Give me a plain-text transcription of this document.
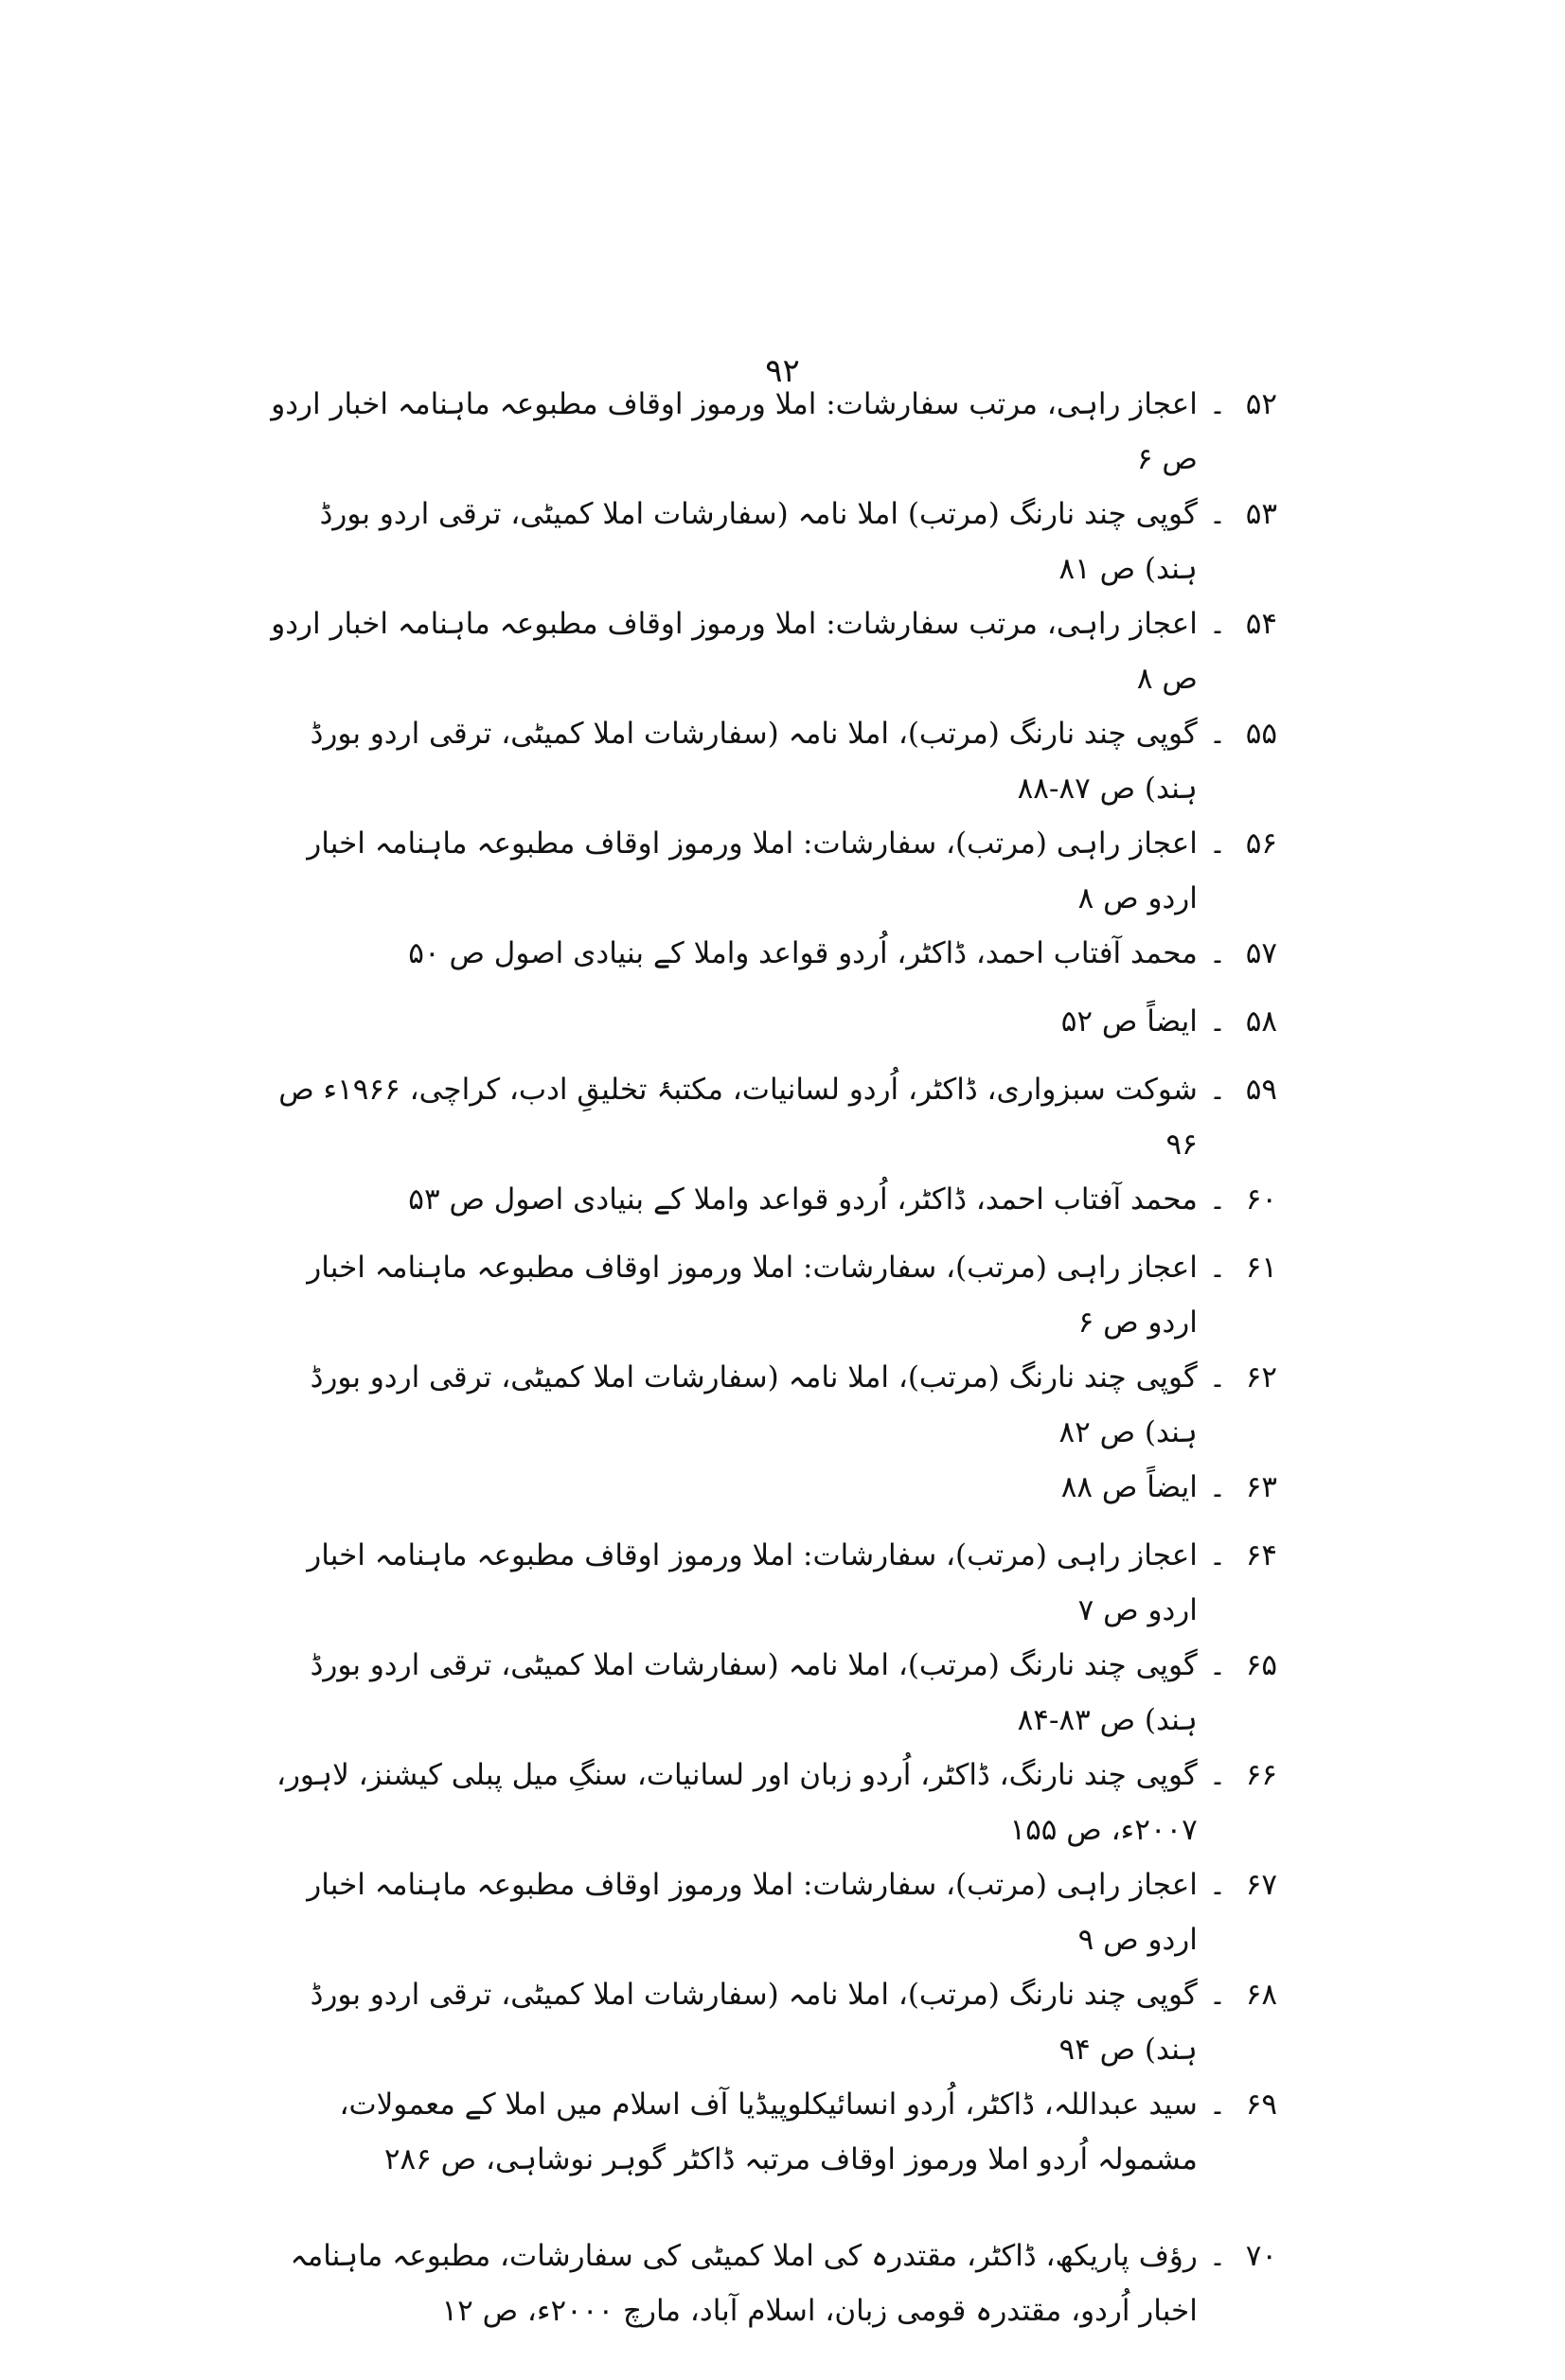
۹۲
۵۲
۔
اعجاز راہی، مرتب سفارشات: املا ورموز اوقاف مطبوعہ ماہنامہ اخبار اردو ص ۶
۵۳
۔
گوپی چند نارنگ (مرتب) املا نامہ (سفارشات املا کمیٹی، ترقی اردو بورڈ ہند) ص ۸۱
۵۴
۔
اعجاز راہی، مرتب سفارشات: املا ورموز اوقاف مطبوعہ ماہنامہ اخبار اردو ص ۸
۵۵
۔
گوپی چند نارنگ (مرتب)، املا نامہ (سفارشات املا کمیٹی، ترقی اردو بورڈ ہند) ص ۸۷-۸۸
۵۶
۔
اعجاز راہی (مرتب)، سفارشات: املا ورموز اوقاف مطبوعہ ماہنامہ اخبار اردو ص ۸
۵۷
۔
محمد آفتاب احمد، ڈاکٹر، اُردو قواعد واملا کے بنیادی اصول ص ۵۰
۵۸
۔
ایضاً ص ۵۲
۵۹
۔
شوکت سبزواری، ڈاکٹر، اُردو لسانیات، مکتبۂ تخلیقِ ادب، کراچی، ۱۹۶۶ء ص ۹۶
۶۰
۔
محمد آفتاب احمد، ڈاکٹر، اُردو قواعد واملا کے بنیادی اصول ص ۵۳
۶۱
۔
اعجاز راہی (مرتب)، سفارشات: املا ورموز اوقاف مطبوعہ ماہنامہ اخبار اردو ص ۶
۶۲
۔
گوپی چند نارنگ (مرتب)، املا نامہ (سفارشات املا کمیٹی، ترقی اردو بورڈ ہند) ص ۸۲
۶۳
۔
ایضاً ص ۸۸
۶۴
۔
اعجاز راہی (مرتب)، سفارشات: املا ورموز اوقاف مطبوعہ ماہنامہ اخبار اردو ص ۷
۶۵
۔
گوپی چند نارنگ (مرتب)، املا نامہ (سفارشات املا کمیٹی، ترقی اردو بورڈ ہند) ص ۸۳-۸۴
۶۶
۔
گوپی چند نارنگ، ڈاکٹر، اُردو زبان اور لسانیات، سنگِ میل پبلی کیشنز، لاہور، ۲۰۰۷ء، ص ۱۵۵
۶۷
۔
اعجاز راہی (مرتب)، سفارشات: املا ورموز اوقاف مطبوعہ ماہنامہ اخبار اردو ص ۹
۶۸
۔
گوپی چند نارنگ (مرتب)، املا نامہ (سفارشات املا کمیٹی، ترقی اردو بورڈ ہند) ص ۹۴
۶۹
۔
سید عبداللہ، ڈاکٹر، اُردو انسائیکلوپیڈیا آف اسلام میں املا کے معمولات، مشمولہ اُردو املا ورموز اوقاف مرتبہ ڈاکٹر گوہر نوشاہی، ص ۲۸۶
۷۰
۔
رؤف پاریکھ، ڈاکٹر، مقتدرہ کی املا کمیٹی کی سفارشات، مطبوعہ ماہنامہ اخبار اُردو، مقتدرہ قومی زبان، اسلام آباد، مارچ ۲۰۰۰ء، ص ۱۲
